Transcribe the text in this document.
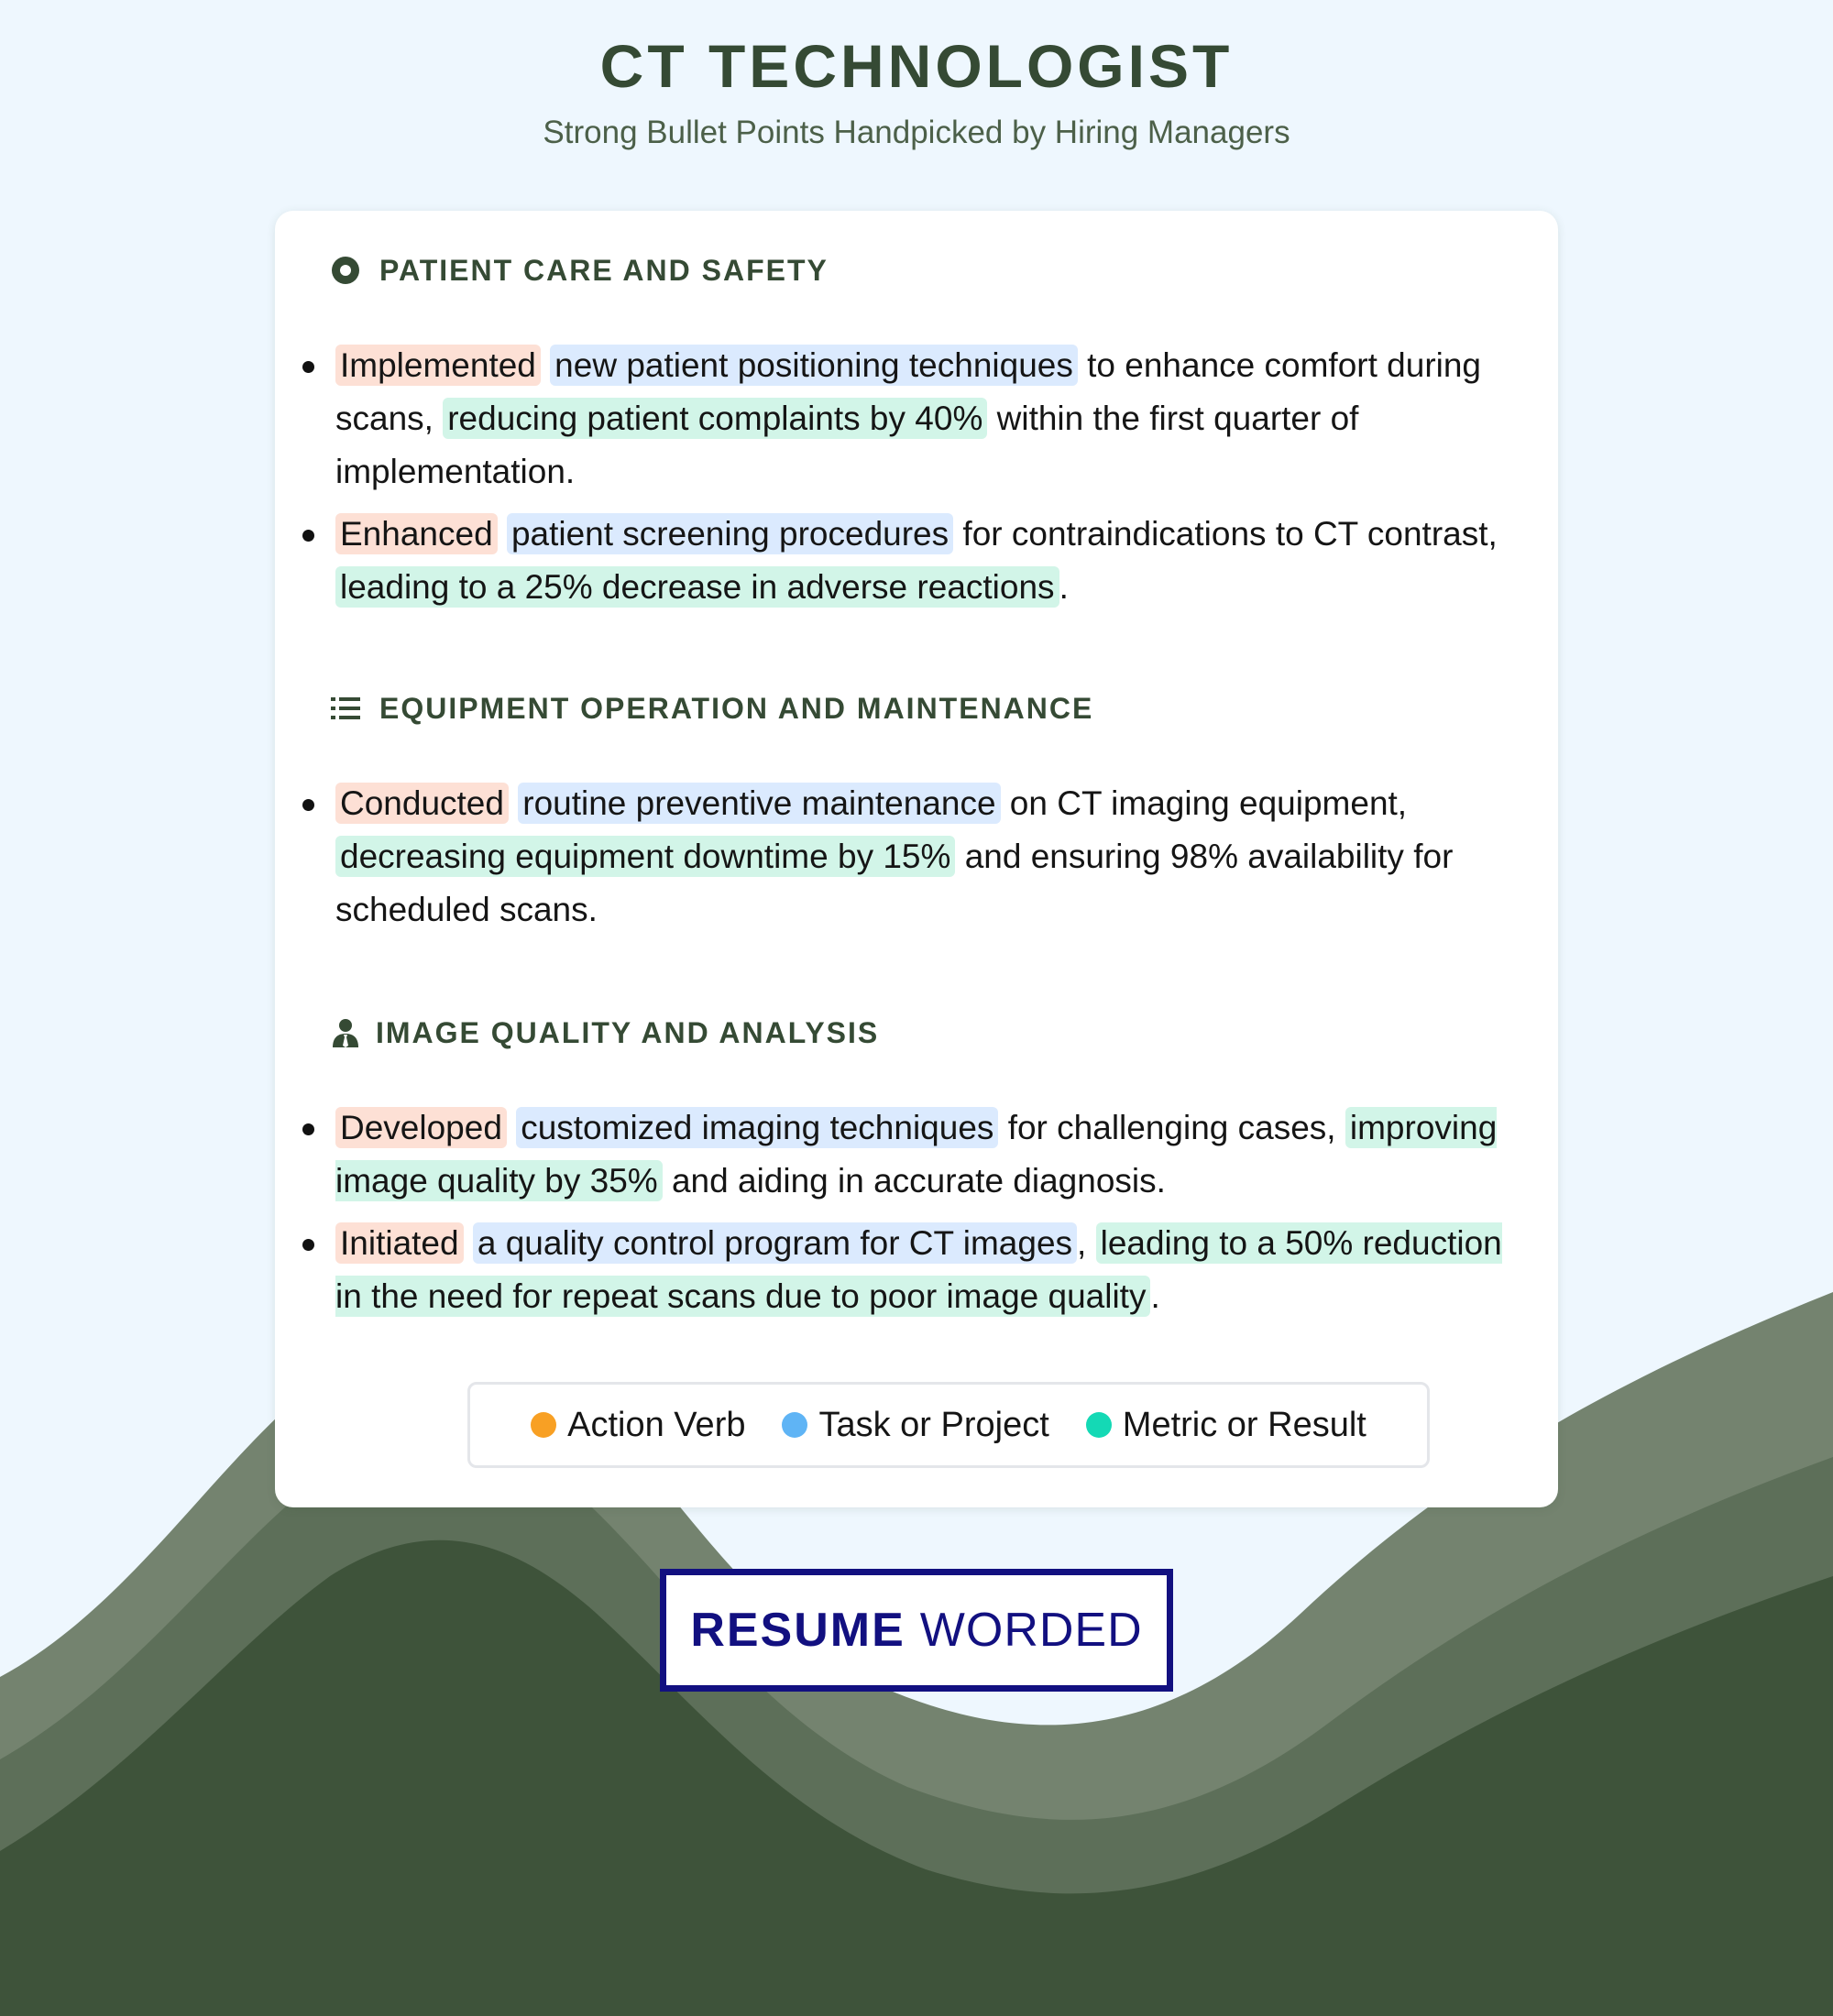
CT TECHNOLOGIST
Strong Bullet Points Handpicked by Hiring Managers
PATIENT CARE AND SAFETY
Implemented new patient positioning techniques to enhance comfort during scans, reducing patient complaints by 40% within the first quarter of implementation.
Enhanced patient screening procedures for contraindications to CT contrast, leading to a 25% decrease in adverse reactions .
EQUIPMENT OPERATION AND MAINTENANCE
Conducted routine preventive maintenance on CT imaging equipment, decreasing equipment downtime by 15% and ensuring 98% availability for scheduled scans.
IMAGE QUALITY AND ANALYSIS
Developed customized imaging techniques for challenging cases, improving image quality by 35% and aiding in accurate diagnosis.
Initiated a quality control program for CT images , leading to a 50% reduction in the need for repeat scans due to poor image quality .
Action Verb Task or Project Metric or Result
RESUME WORDED
